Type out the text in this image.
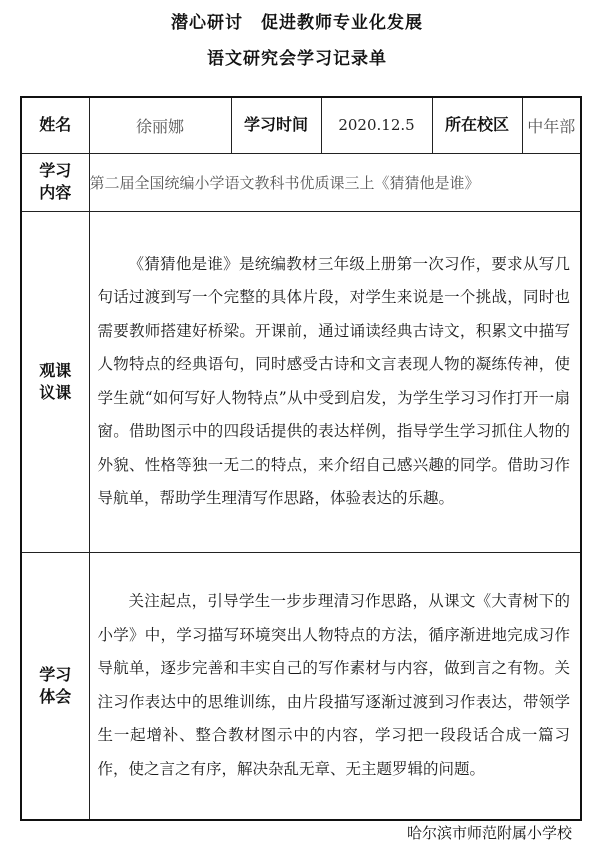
潜心研讨　促进教师专业化发展
语文研究会学习记录单
姓名	徐丽娜	学习时间	2020.12.5	所在校区	中年部

学习
内容	第二届全国统编小学语文教科书优质课三上《猜猜他是谁》				

观课
议课	《猜猜他是谁》是统编教材三年级上册第一次习作，要求从写几句话过渡到写一个完整的具体片段，对学生来说是一个挑战，同时也需要教师搭建好桥梁。开课前，通过诵读经典古诗文，积累文中描写人物特点的经典语句，同时感受古诗和文言表现人物的凝练传神，使学生就“如何写好人物特点”从中受到启发，为学生学习习作打开一扇窗。借助图示中的四段话提供的表达样例，指导学生学习抓住人物的外貌、性格等独一无二的特点，来介绍自己感兴趣的同学。借助习作导航单，帮助学生理清写作思路，体验表达的乐趣。				

学习
体会	关注起点，引导学生一步步理清习作思路，从课文《大青树下的小学》中，学习描写环境突出人物特点的方法，循序渐进地完成习作导航单，逐步完善和丰实自己的写作素材与内容，做到言之有物。关注习作表达中的思维训练，由片段描写逐渐过渡到习作表达，带领学生一起增补、整合教材图示中的内容，学习把一段段话合成一篇习作，使之言之有序，解决杂乱无章、无主题罗辑的问题。				
哈尔滨市师范附属小学校
